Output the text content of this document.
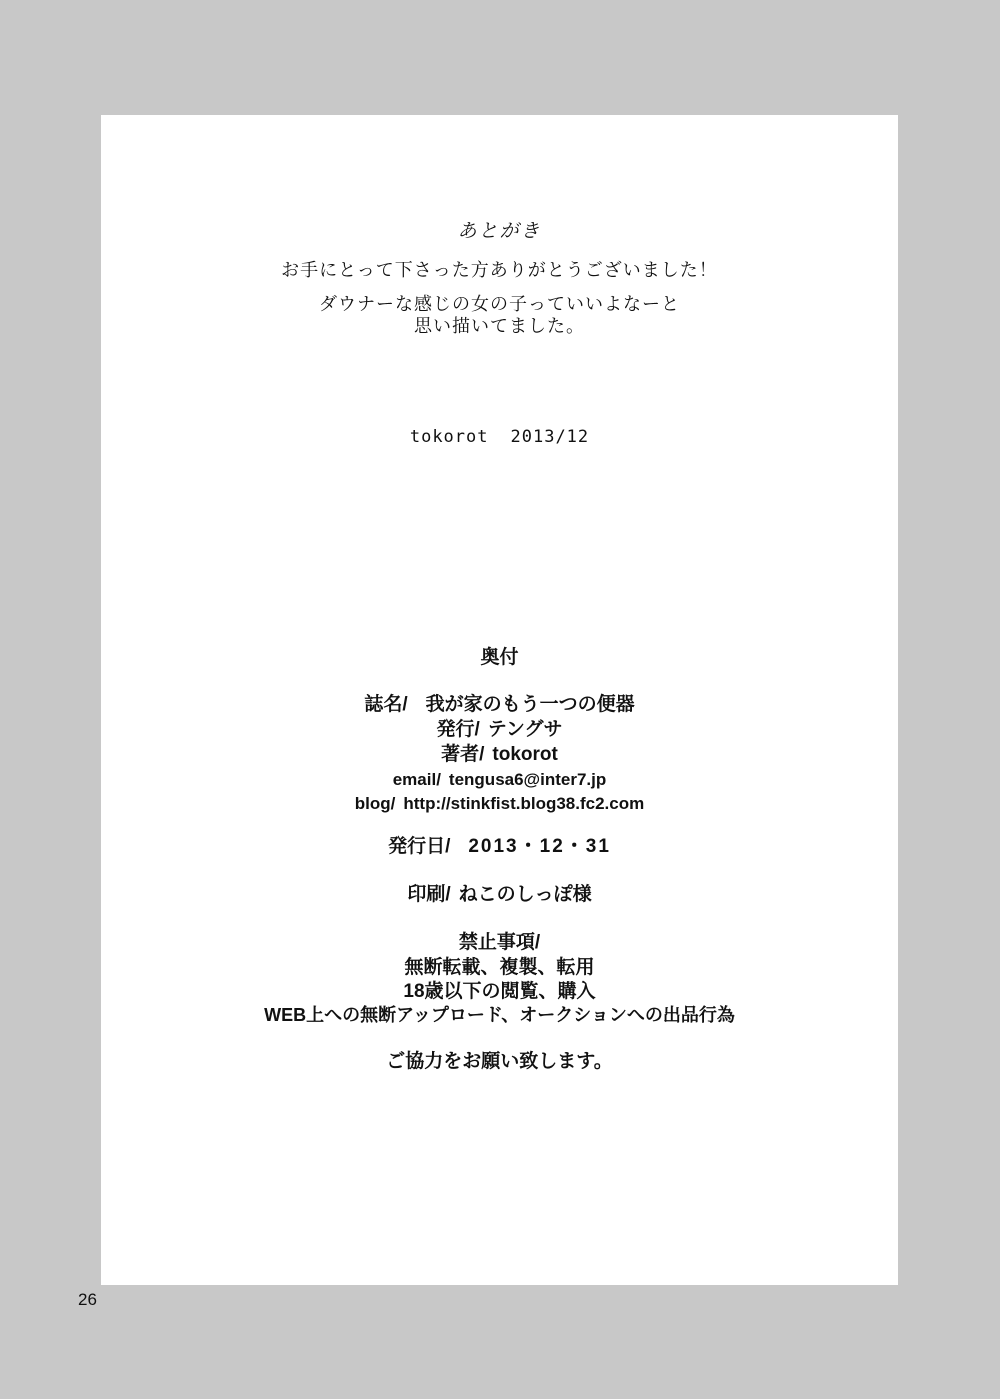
あとがき
お手にとって下さった方ありがとうございました！
ダウナーな感じの女の子っていいよなーと
思い描いてました。
tokorot 2013/12
奥付
誌名/ 我が家のもう一つの便器
発行/ テングサ
著者/ tokorot
email/ tengusa6@inter7.jp
blog/ http://stinkfist.blog38.fc2.com
発行日/ 2013・12・31
印刷/ ねこのしっぽ様
禁止事項/
無断転載、複製、転用
18歳以下の閲覧、購入
WEB上への無断アップロード、オークションへの出品行為
ご協力をお願い致します。
26
